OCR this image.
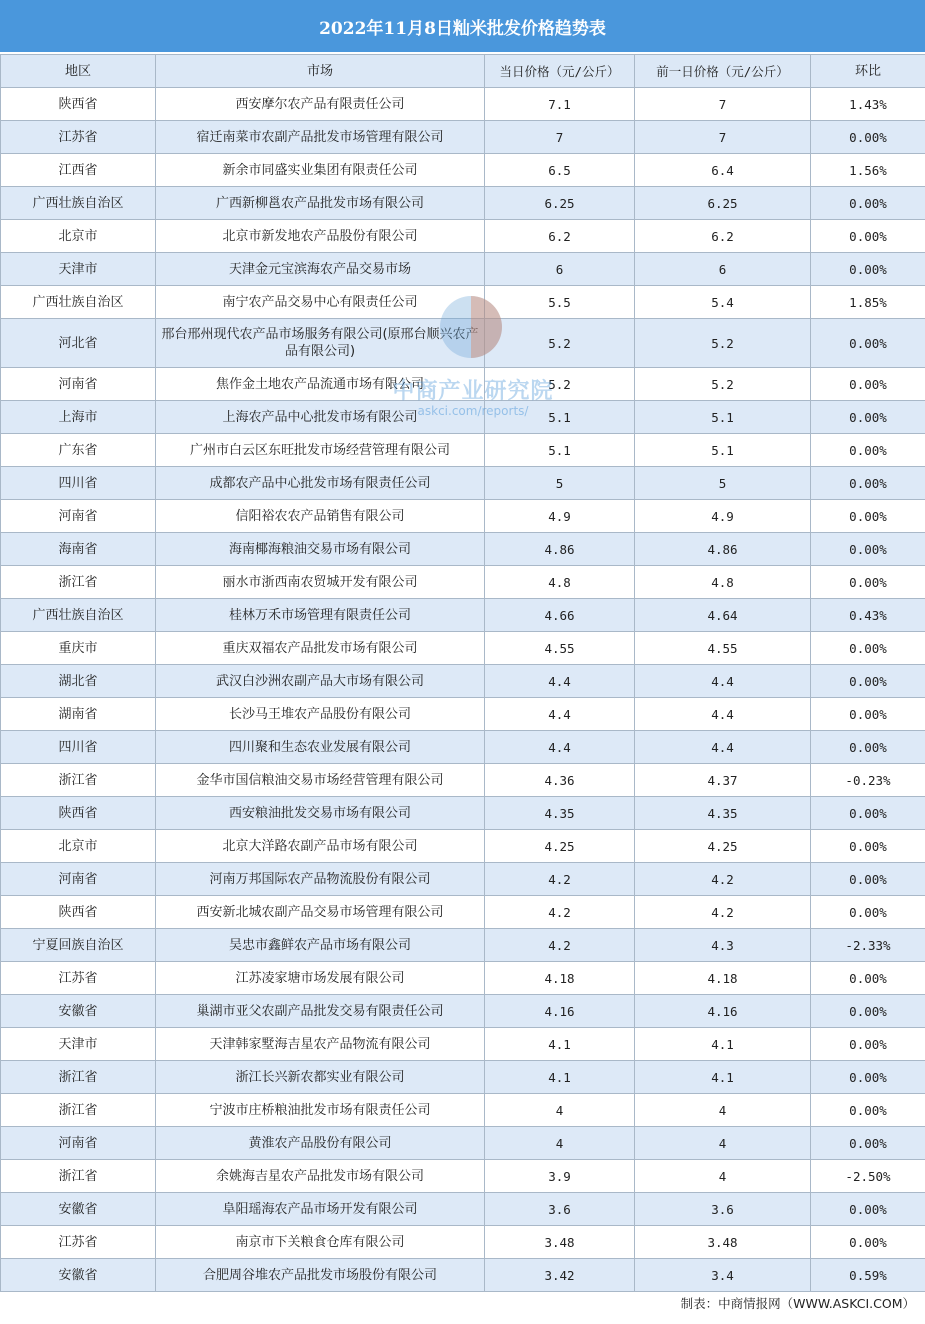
2022年11月8日籼米批发价格趋势表
地区	市场	当日价格（元/公斤）	前一日价格（元/公斤）	环比
陕西省	西安摩尔农产品有限责任公司	7.1	7	1.43%
江苏省	宿迁南菜市农副产品批发市场管理有限公司	7	7	0.00%
江西省	新余市同盛实业集团有限责任公司	6.5	6.4	1.56%
广西壮族自治区	广西新柳邕农产品批发市场有限公司	6.25	6.25	0.00%
北京市	北京市新发地农产品股份有限公司	6.2	6.2	0.00%
天津市	天津金元宝滨海农产品交易市场	6	6	0.00%
广西壮族自治区	南宁农产品交易中心有限责任公司	5.5	5.4	1.85%
河北省	邢台邢州现代农产品市场服务有限公司(原邢台顺兴农产品有限公司)	5.2	5.2	0.00%
河南省	焦作金土地农产品流通市场有限公司	5.2	5.2	0.00%
上海市	上海农产品中心批发市场有限公司	5.1	5.1	0.00%
广东省	广州市白云区东旺批发市场经营管理有限公司	5.1	5.1	0.00%
四川省	成都农产品中心批发市场有限责任公司	5	5	0.00%
河南省	信阳裕农农产品销售有限公司	4.9	4.9	0.00%
海南省	海南椰海粮油交易市场有限公司	4.86	4.86	0.00%
浙江省	丽水市浙西南农贸城开发有限公司	4.8	4.8	0.00%
广西壮族自治区	桂林万禾市场管理有限责任公司	4.66	4.64	0.43%
重庆市	重庆双福农产品批发市场有限公司	4.55	4.55	0.00%
湖北省	武汉白沙洲农副产品大市场有限公司	4.4	4.4	0.00%
湖南省	长沙马王堆农产品股份有限公司	4.4	4.4	0.00%
四川省	四川聚和生态农业发展有限公司	4.4	4.4	0.00%
浙江省	金华市国信粮油交易市场经营管理有限公司	4.36	4.37	-0.23%
陕西省	西安粮油批发交易市场有限公司	4.35	4.35	0.00%
北京市	北京大洋路农副产品市场有限公司	4.25	4.25	0.00%
河南省	河南万邦国际农产品物流股份有限公司	4.2	4.2	0.00%
陕西省	西安新北城农副产品交易市场管理有限公司	4.2	4.2	0.00%
宁夏回族自治区	吴忠市鑫鲜农产品市场有限公司	4.2	4.3	-2.33%
江苏省	江苏凌家塘市场发展有限公司	4.18	4.18	0.00%
安徽省	巢湖市亚父农副产品批发交易有限责任公司	4.16	4.16	0.00%
天津市	天津韩家墅海吉星农产品物流有限公司	4.1	4.1	0.00%
浙江省	浙江长兴新农都实业有限公司	4.1	4.1	0.00%
浙江省	宁波市庄桥粮油批发市场有限责任公司	4	4	0.00%
河南省	黄淮农产品股份有限公司	4	4	0.00%
浙江省	余姚海吉星农产品批发市场有限公司	3.9	4	-2.50%
安徽省	阜阳瑶海农产品市场开发有限公司	3.6	3.6	0.00%
江苏省	南京市下关粮食仓库有限公司	3.48	3.48	0.00%
安徽省	合肥周谷堆农产品批发市场股份有限公司	3.42	3.4	0.59%
中商产业研究院
askci.com/reports/
制表：中商情报网（WWW.ASKCI.COM）
